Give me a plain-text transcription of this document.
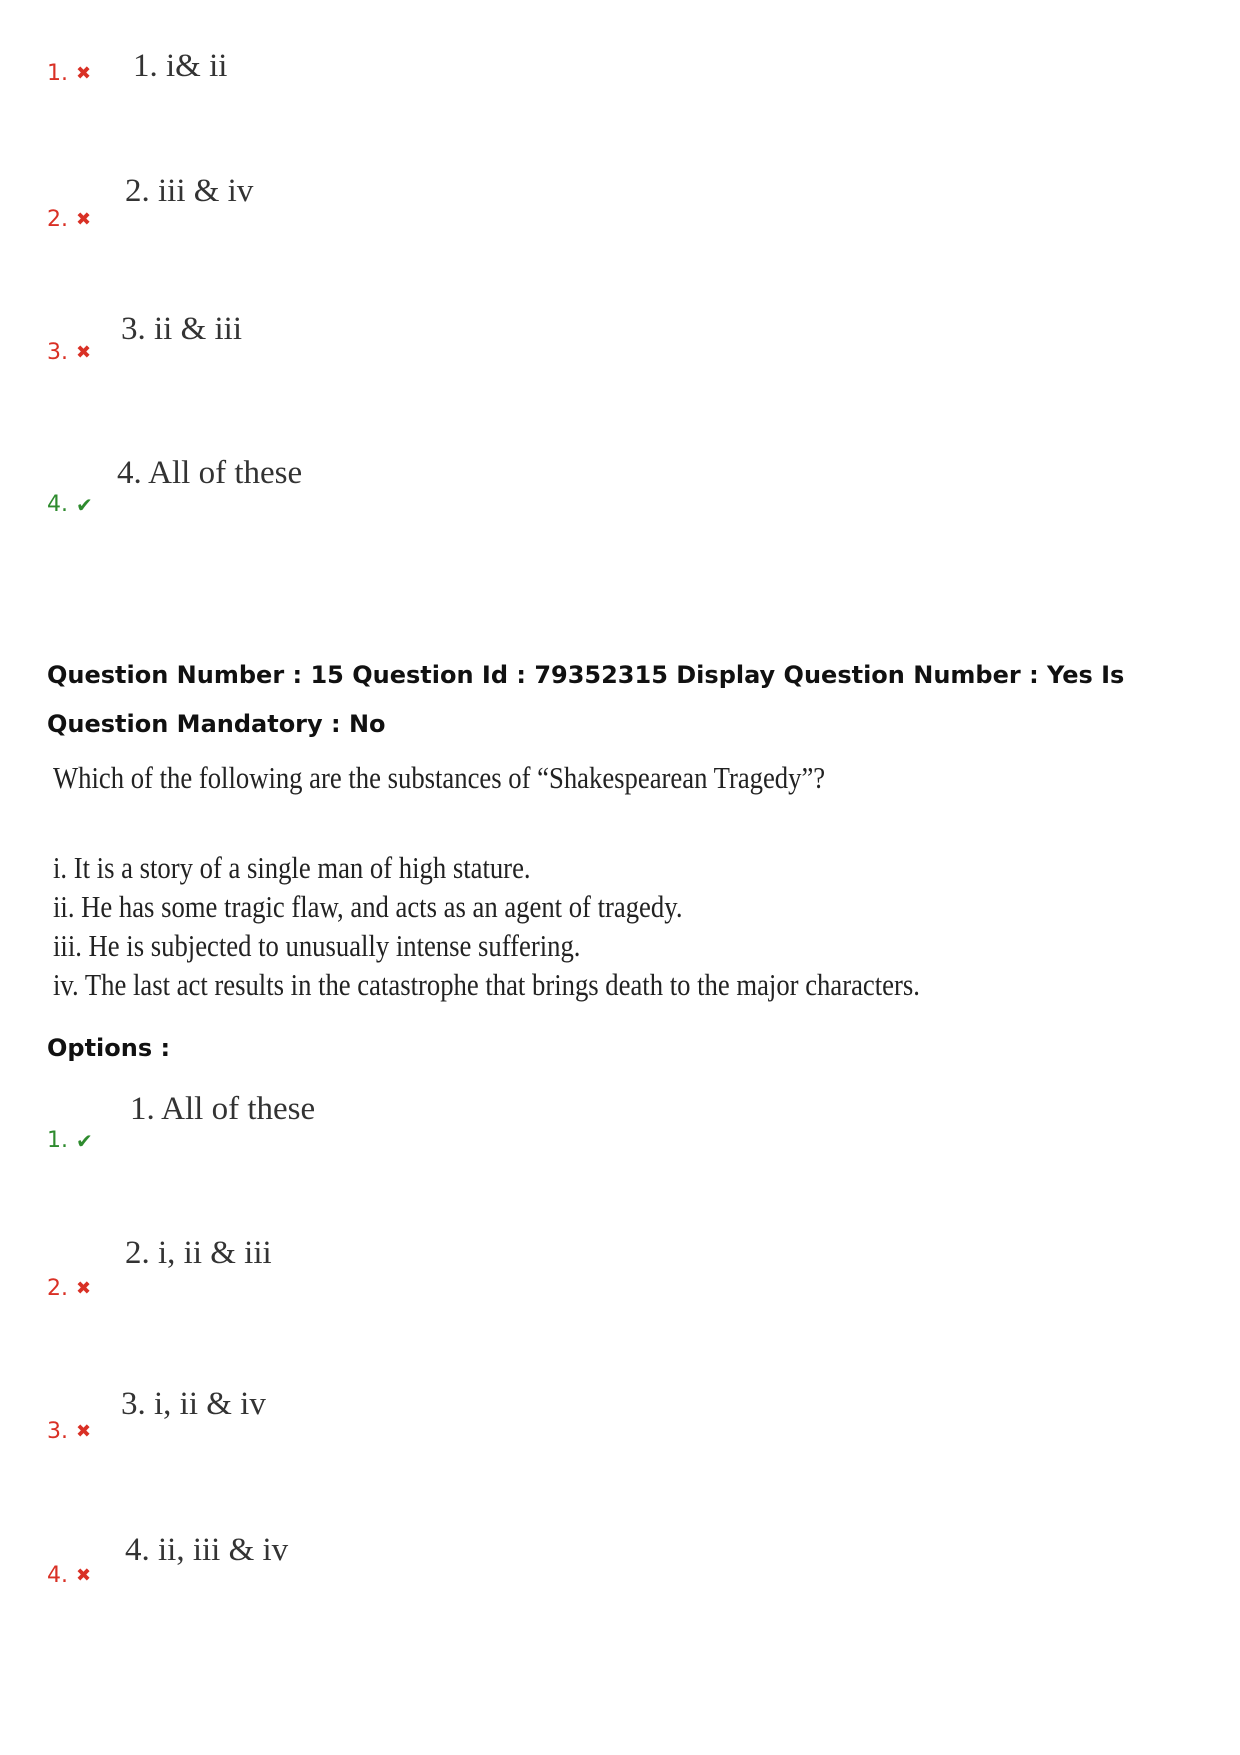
1. ✖ 1. i& ii
2. ✖
2. iii & iv
3. ✖
3. ii & iii
4. ✔
4. All of these
Question Number : 15 Question Id : 79352315 Display Question Number : Yes Is Question Mandatory : No
Which of the following are the substances of “Shakespearean Tragedy”?
i. It is a story of a single man of high stature.
ii. He has some tragic flaw, and acts as an agent of tragedy.
iii. He is subjected to unusually intense suffering.
iv. The last act results in the catastrophe that brings death to the major characters.
Options :
1. ✔
1. All of these
2. ✖
2. i, ii & iii
3. ✖
3. i, ii & iv
4. ✖
4. ii, iii & iv
